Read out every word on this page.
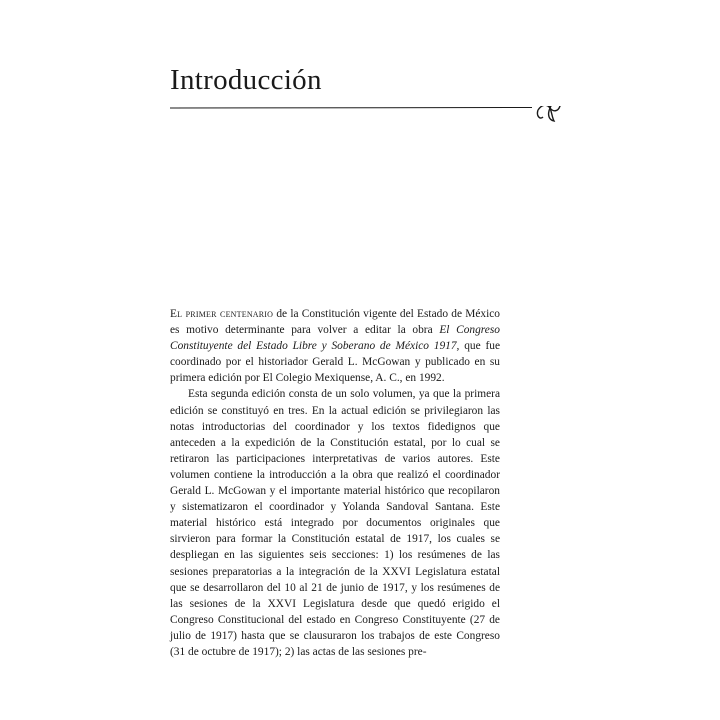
Introducción

El primer centenario de la Constitución vigente del Estado de México es motivo determinante para volver a editar la obra El Congreso Constituyente del Estado Libre y Soberano de México 1917, que fue coordinado por el historiador Gerald L. McGowan y publicado en su primera edición por El Colegio Mexiquense, A. C., en 1992.

Esta segunda edición consta de un solo volumen, ya que la primera edición se constituyó en tres. En la actual edición se privilegiaron las notas introductorias del coordinador y los textos fidedignos que anteceden a la expedición de la Constitución estatal, por lo cual se retiraron las participaciones interpretativas de varios autores. Este volumen contiene la introducción a la obra que realizó el coordinador Gerald L. McGowan y el importante material histórico que recopilaron y sistematizaron el coordinador y Yolanda Sandoval Santana. Este material histórico está integrado por documentos originales que sirvieron para formar la Constitución estatal de 1917, los cuales se despliegan en las siguientes seis secciones: 1) los resúmenes de las sesiones preparatorias a la integración de la XXVI Legislatura estatal que se desarrollaron del 10 al 21 de junio de 1917, y los resúmenes de las sesiones de la XXVI Legislatura desde que quedó erigido el Congreso Constitucional del estado en Congreso Constituyente (27 de julio de 1917) hasta que se clausuraron los trabajos de este Congreso (31 de octubre de 1917); 2) las actas de las sesiones pre-
